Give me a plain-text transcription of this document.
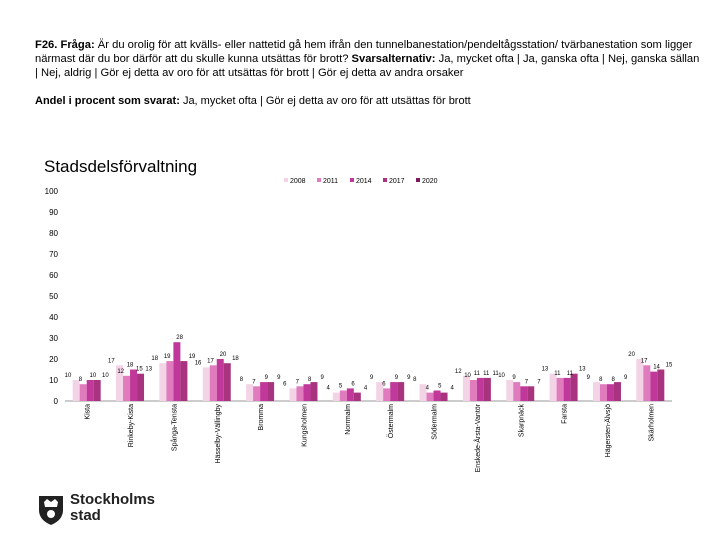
F26. Fråga: Är du orolig för att kvälls- eller nattetid gå hem ifrån den tunnelbanestation/pendeltågsstation/ tvärbanestation som ligger närmast där du bor därför att du skulle kunna utsättas för brott? Svarsalternativ: Ja, mycket ofta | Ja, ganska ofta | Nej, ganska sällan | Nej, aldrig | Gör ej detta av oro för att utsättas för brott | Gör ej detta av andra orsaker
Andel i procent som svarat: Ja, mycket ofta | Gör ej detta av oro för att utsättas för brott
Stadsdelsförvaltning
0
10
20
30
40
50
60
70
80
90
100
2008 2011	2014 2017 2020
10
8
10 10
Kista
17
12
18
15 13
Rinkeby-Kista
18 19
28
19
Spånga-Tensta
16 17
20
18
Hässelby-Vällingby
8 7
9 9
Bromma
6 7 8 9
Kungsholmen
4 5 6
4
Norrmalm
9
6
9 9
Östermalm
8
4 5 4
Södermalm
12
10 11 11 11
Enskede-Årsta-Vantör
10 9
7 7
Skarpnäck
13
11 11
13
Farsta
9 8 8 9
Hägersten-Älvsjö
20
17
14 15
Skärholmen
Stockholms
stad
